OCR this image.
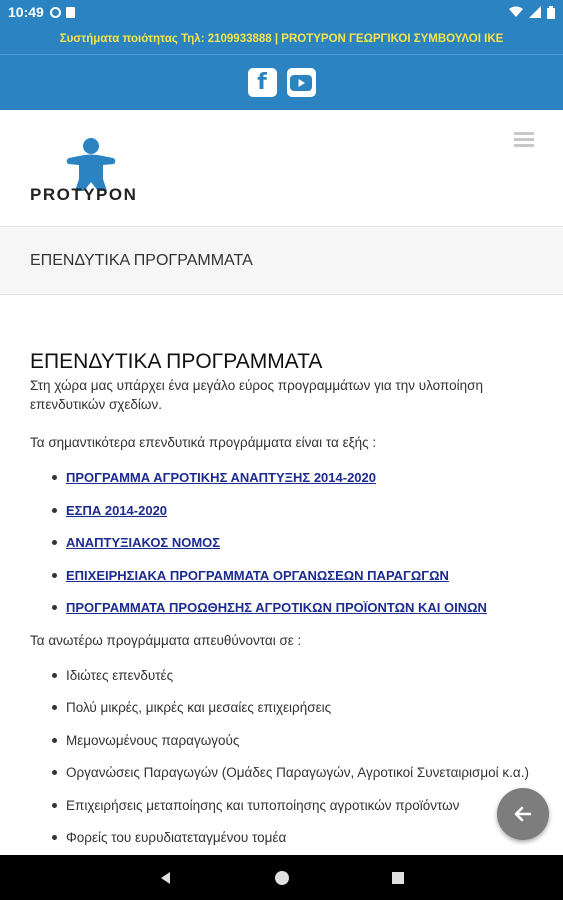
10:49
Συστήματα ποιότητας Τηλ: 2109933888 | PROTYPON ΓΕΩΡΓΙΚΟΙ ΣΥΜΒΟΥΛΟΙ ΙΚΕ
f
PROTYPON
ΕΠΕΝΔΥΤΙΚΑ ΠΡΟΓΡΑΜΜΑΤΑ
ΕΠΕΝΔΥΤΙΚΑ ΠΡΟΓΡΑΜΜΑΤΑ

Στη χώρα μας υπάρχει ένα μεγάλο εύρος προγραμμάτων για την υλοποίηση επενδυτικών σχεδίων.

Τα σημαντικότερα επενδυτικά προγράμματα είναι τα εξής :

ΠΡΟΓΡΑΜΜΑ ΑΓΡΟΤΙΚΗΣ ΑΝΑΠΤΥΞΗΣ 2014-2020
ΕΣΠΑ 2014-2020
ΑΝΑΠΤΥΞΙΑΚΟΣ ΝΟΜΟΣ
ΕΠΙΧΕΙΡΗΣΙΑΚΑ ΠΡΟΓΡΑΜΜΑΤΑ ΟΡΓΑΝΩΣΕΩΝ ΠΑΡΑΓΩΓΩΝ
ΠΡΟΓΡΑΜΜΑΤΑ ΠΡΟΩΘΗΣΗΣ ΑΓΡΟΤΙΚΩΝ ΠΡΟΪΟΝΤΩΝ ΚΑΙ ΟΙΝΩΝ

Τα ανωτέρω προγράμματα απευθύνονται σε :

Ιδιώτες επενδυτές
Πολύ μικρές, μικρές και μεσαίες επιχειρήσεις
Μεμονωμένους παραγωγούς
Οργανώσεις Παραγωγών (Ομάδες Παραγωγών, Αγροτικοί Συνεταιρισμοί κ.α.)
Επιχειρήσεις μεταποίησης και τυποποίησης αγροτικών προϊόντων
Φορείς του ευρυδιατεταγμένου τομέα
